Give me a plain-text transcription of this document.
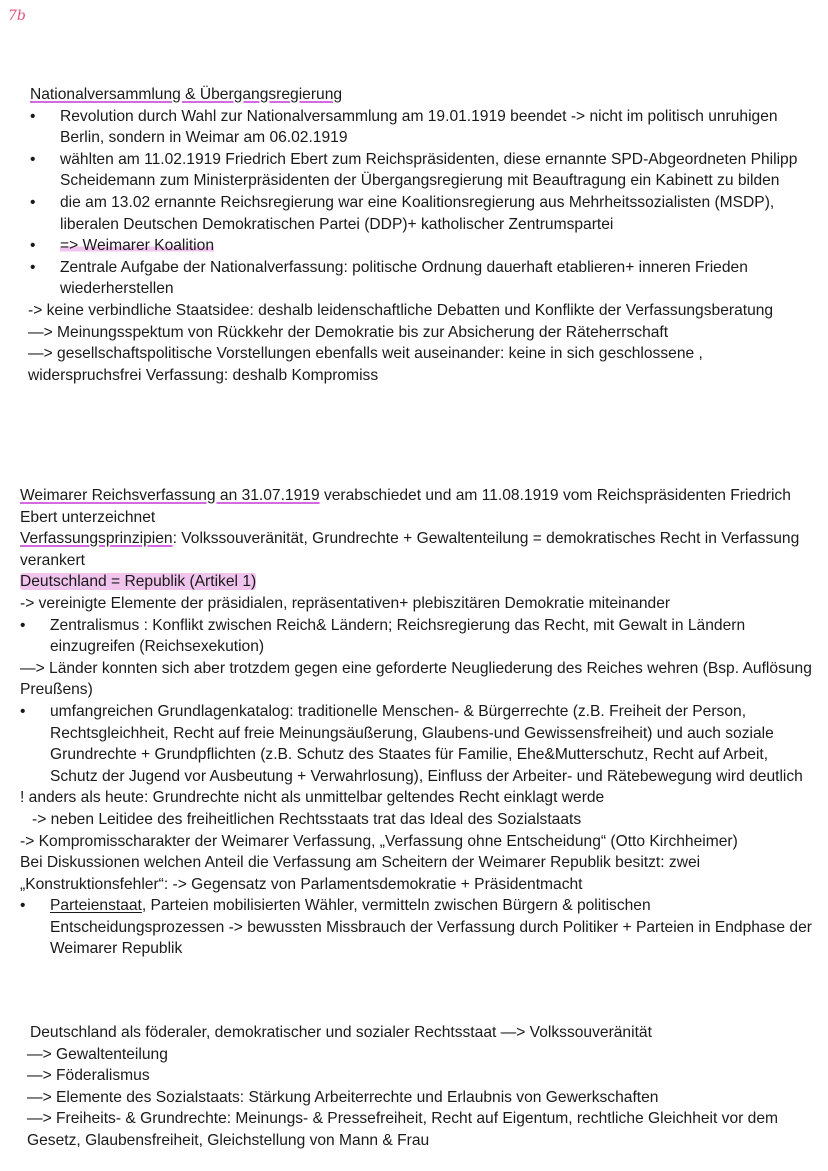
7b

Nationalversammlung & Übergangsregierung

• Revolution durch Wahl zur Nationalversammlung am 19.01.1919 beendet -> nicht im politisch unruhigen Berlin, sondern in Weimar am 06.02.1919

• wählten am 11.02.1919 Friedrich Ebert zum Reichspräsidenten, diese ernannte SPD-Abgeordneten Philipp Scheidemann zum Ministerpräsidenten der Übergangsregierung mit Beauftragung ein Kabinett zu bilden

• die am 13.02 ernannte Reichsregierung war eine Koalitionsregierung aus Mehrheitssozialisten (MSDP), liberalen Deutschen Demokratischen Partei (DDP)+ katholischer Zentrumspartei

• => Weimarer Koalition

• Zentrale Aufgabe der Nationalverfassung: politische Ordnung dauerhaft etablieren+ inneren Frieden wiederherstellen

-> keine verbindliche Staatsidee: deshalb leidenschaftliche Debatten und Konflikte der Verfassungsberatung

—> Meinungsspektum von Rückkehr der Demokratie bis zur Absicherung der Räteherrschaft

—> gesellschaftspolitische Vorstellungen ebenfalls weit auseinander: keine in sich geschlossene , widerspruchsfrei Verfassung: deshalb Kompromiss

Weimarer Reichsverfassung an 31.07.1919 verabschiedet und am 11.08.1919 vom Reichspräsidenten Friedrich Ebert unterzeichnet

Verfassungsprinzipien: Volkssouveränität, Grundrechte + Gewaltenteilung = demokratisches Recht in Verfassung verankert

Deutschland = Republik (Artikel 1)

-> vereinigte Elemente der präsidialen, repräsentativen+ plebiszitären Demokratie miteinander

• Zentralismus : Konflikt zwischen Reich& Ländern; Reichsregierung das Recht, mit Gewalt in Ländern einzugreifen (Reichsexekution)

—> Länder konnten sich aber trotzdem gegen eine geforderte Neugliederung des Reiches wehren (Bsp. Auflösung Preußens)

• umfangreichen Grundlagenkatalog: traditionelle Menschen- & Bürgerrechte (z.B. Freiheit der Person, Rechtsgleichheit, Recht auf freie Meinungsäußerung, Glaubens-und Gewissensfreiheit) und auch soziale Grundrechte + Grundpflichten (z.B. Schutz des Staates für Familie, Ehe&Mutterschutz, Recht auf Arbeit, Schutz der Jugend vor Ausbeutung + Verwahrlosung), Einfluss der Arbeiter- und Rätebewegung wird deutlich

! anders als heute: Grundrechte nicht als unmittelbar geltendes Recht einklagt werde

-> neben Leitidee des freiheitlichen Rechtsstaats trat das Ideal des Sozialstaats

-> Kompromisscharakter der Weimarer Verfassung, „Verfassung ohne Entscheidung“ (Otto Kirchheimer)

Bei Diskussionen welchen Anteil die Verfassung am Scheitern der Weimarer Republik besitzt: zwei „Konstruktionsfehler“: -> Gegensatz von Parlamentsdemokratie + Präsidentmacht

• Parteienstaat, Parteien mobilisierten Wähler, vermitteln zwischen Bürgern & politischen Entscheidungsprozessen -> bewussten Missbrauch der Verfassung durch Politiker + Parteien in Endphase der Weimarer Republik

Deutschland als föderaler, demokratischer und sozialer Rechtsstaat —> Volkssouveränität

—> Gewaltenteilung

—> Föderalismus

—> Elemente des Sozialstaats: Stärkung Arbeiterrechte und Erlaubnis von Gewerkschaften

—> Freiheits- & Grundrechte: Meinungs- & Pressefreiheit, Recht auf Eigentum, rechtliche Gleichheit vor dem Gesetz, Glaubensfreiheit, Gleichstellung von Mann & Frau
